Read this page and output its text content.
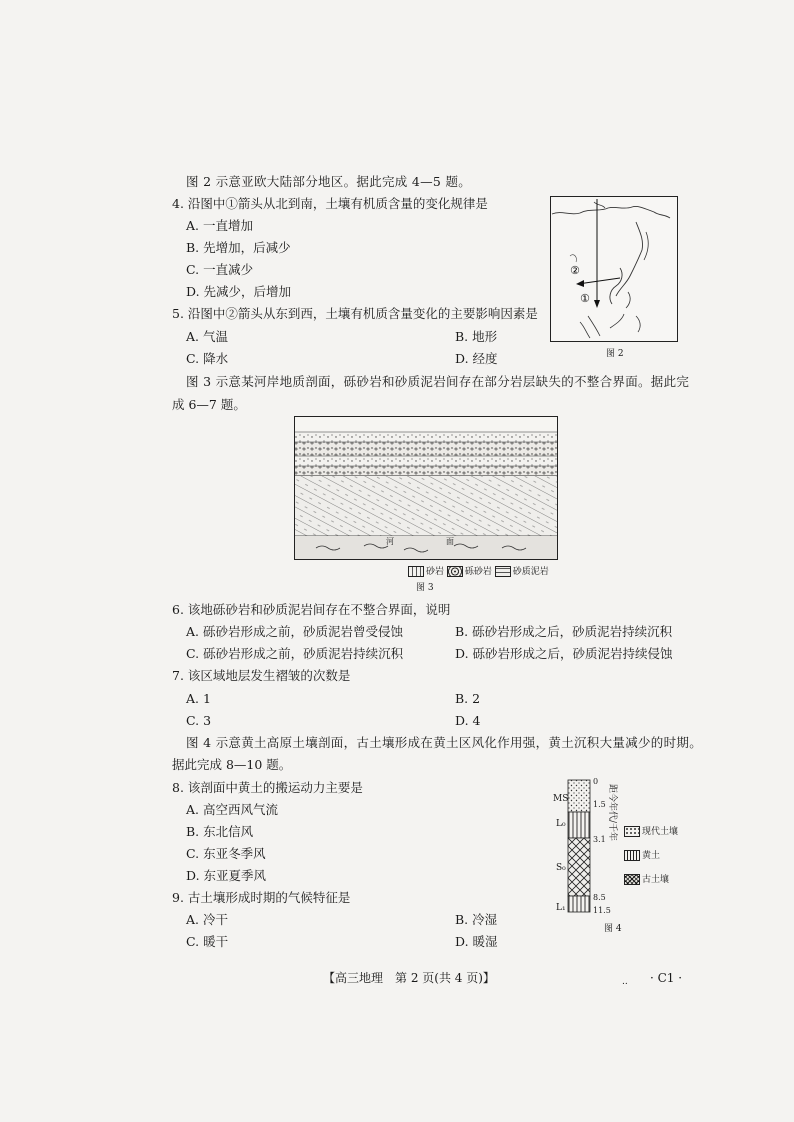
图 2 示意亚欧大陆部分地区。据此完成 4—5 题。
4. 沿图中①箭头从北到南，土壤有机质含量的变化规律是
A. 一直增加
B. 先增加，后减少
C. 一直减少
D. 先减少，后增加
5. 沿图中②箭头从东到西，土壤有机质含量变化的主要影响因素是
A. 气温	B. 地形
C. 降水	D. 经度
②
①
图 2
图 3 示意某河岸地质剖面，砾砂岩和砂质泥岩间存在部分岩层缺失的不整合界面。据此完
成 6—7 题。
河	面
砂岩 砾砂岩 砂质泥岩
图 3
6. 该地砾砂岩和砂质泥岩间存在不整合界面，说明
A. 砾砂岩形成之前，砂质泥岩曾受侵蚀	B. 砾砂岩形成之后，砂质泥岩持续沉积
C. 砾砂岩形成之前，砂质泥岩持续沉积	D. 砾砂岩形成之后，砂质泥岩持续侵蚀
7. 该区域地层发生褶皱的次数是
A. 1	B. 2
C. 3	D. 4
图 4 示意黄土高原土壤剖面，古土壤形成在黄土区风化作用强，黄土沉积大量减少的时期。
据此完成 8—10 题。
8. 该剖面中黄土的搬运动力主要是
A. 高空西风气流
B. 东北信风
C. 东亚冬季风
D. 东亚夏季风
9. 古土壤形成时期的气候特征是
A. 冷干	B. 冷湿
C. 暖干	D. 暖湿
0
1.5
3.1
8.5
11.5
距今年代/千年
MS
L₀
S₀
L₁
现代土壤
黄土
古土壤
图 4
【高三地理　第 2 页(共 4 页)】	.. · C1 ·
